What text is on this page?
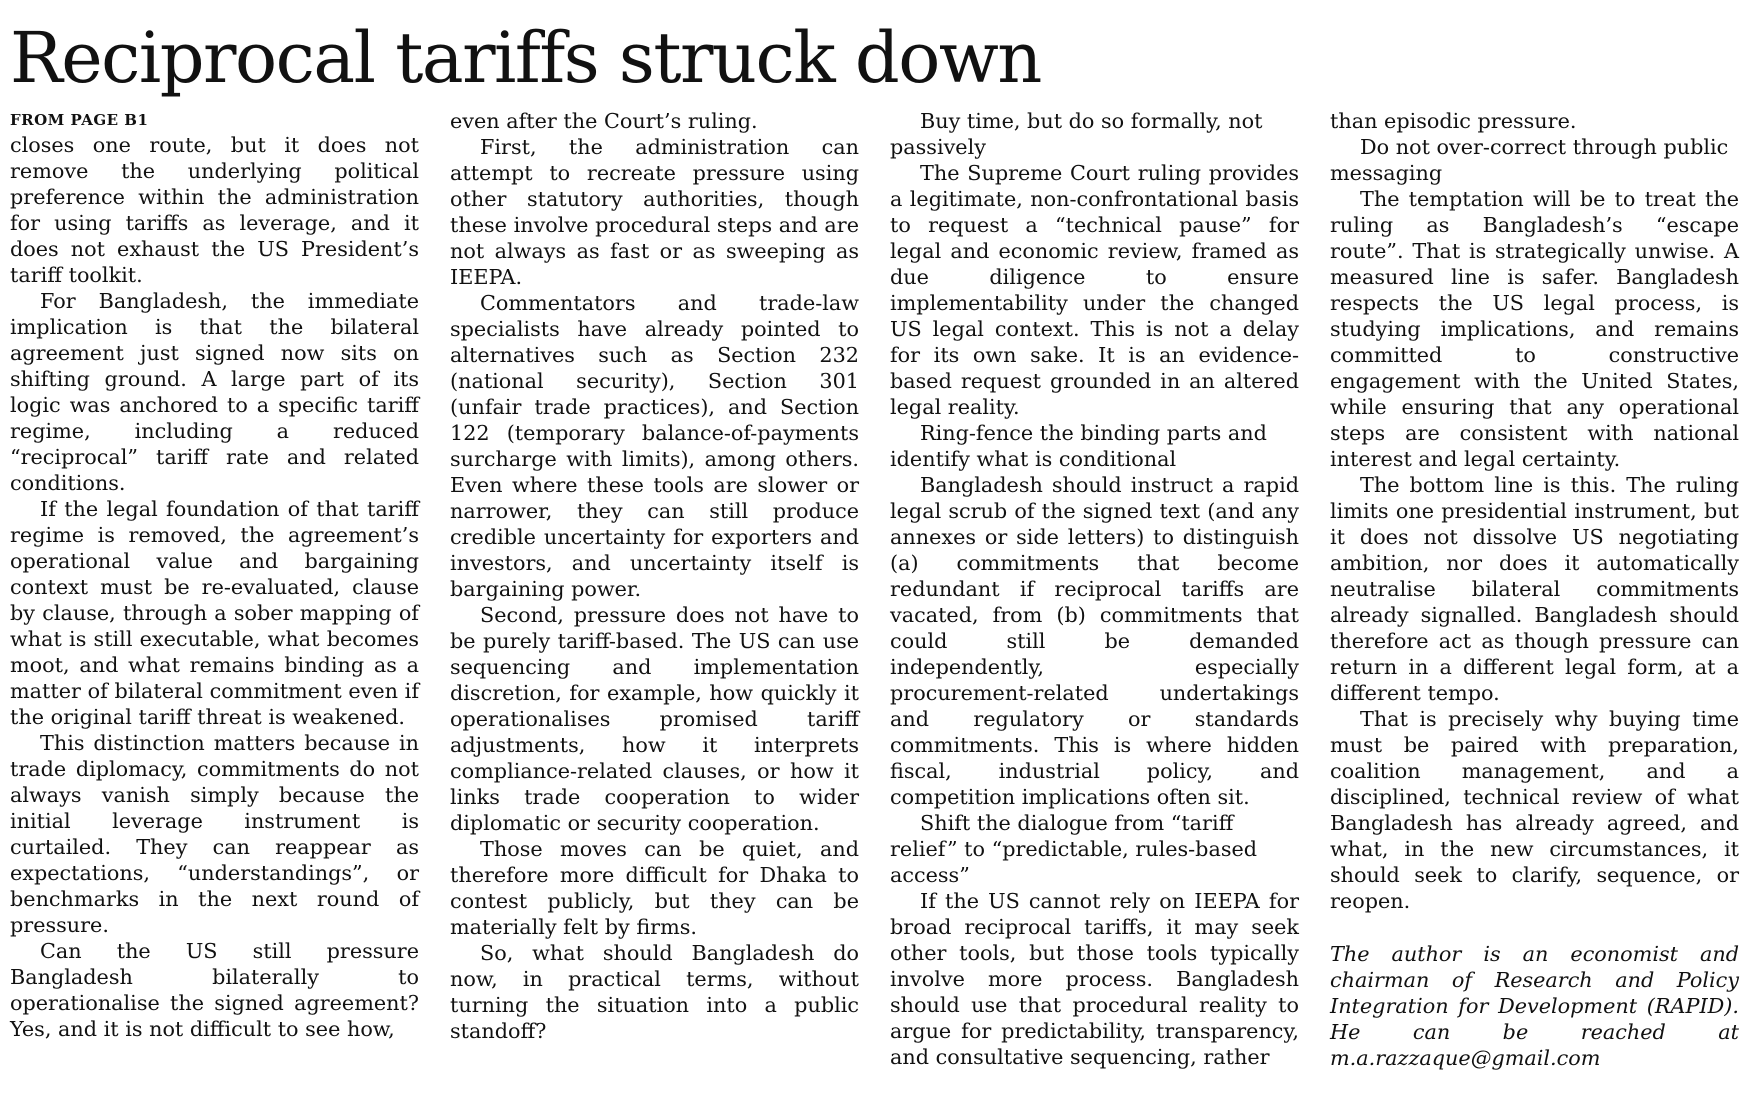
Reciprocal tariffs struck down
FROM PAGE B1

closes one route, but it does not remove the underlying political preference within the administration for using tariffs as leverage, and it does not exhaust the US President’s tariff toolkit.

For Bangladesh, the immediate implication is that the bilateral agreement just signed now sits on shifting ground. A large part of its logic was anchored to a specific tariff regime, including a reduced “reciprocal” tariff rate and related conditions.

If the legal foundation of that tariff regime is removed, the agreement’s operational value and bargaining context must be re-evaluated, clause by clause, through a sober mapping of what is still executable, what becomes moot, and what remains binding as a matter of bilateral commitment even if the original tariff threat is weakened.

This distinction matters because in trade diplomacy, commitments do not always vanish simply because the initial leverage instrument is curtailed. They can reappear as expectations, “understandings”, or benchmarks in the next round of pressure.

Can the US still pressure Bangladesh bilaterally to operationalise the signed agreement? Yes, and it is not difficult to see how,

even after the Court’s ruling.

First, the administration can attempt to recreate pressure using other statutory authorities, though these involve procedural steps and are not always as fast or as sweeping as IEEPA.

Commentators and trade-law specialists have already pointed to alternatives such as Section 232 (national security), Section 301 (unfair trade practices), and Section 122 (temporary balance-of-payments surcharge with limits), among others. Even where these tools are slower or narrower, they can still produce credible uncertainty for exporters and investors, and uncertainty itself is bargaining power.

Second, pressure does not have to be purely tariff-based. The US can use sequencing and implementation discretion, for example, how quickly it operationalises promised tariff adjustments, how it interprets compliance-related clauses, or how it links trade cooperation to wider diplomatic or security cooperation.

Those moves can be quiet, and therefore more difficult for Dhaka to contest publicly, but they can be materially felt by firms.

So, what should Bangladesh do now, in practical terms, without turning the situation into a public standoff?

Buy time, but do so formally, not passively

The Supreme Court ruling provides a legitimate, non-confrontational basis to request a “technical pause” for legal and economic review, framed as due diligence to ensure implementability under the changed US legal context. This is not a delay for its own sake. It is an evidence-based request grounded in an altered legal reality.

Ring-fence the binding parts and identify what is conditional

Bangladesh should instruct a rapid legal scrub of the signed text (and any annexes or side letters) to distinguish (a) commitments that become redundant if reciprocal tariffs are vacated, from (b) commitments that could still be demanded independently, especially procurement-related undertakings and regulatory or standards commitments. This is where hidden fiscal, industrial policy, and competition implications often sit.

Shift the dialogue from “tariff relief” to “predictable, rules-based access”

If the US cannot rely on IEEPA for broad reciprocal tariffs, it may seek other tools, but those tools typically involve more process. Bangladesh should use that procedural reality to argue for predictability, transparency, and consultative sequencing, rather

than episodic pressure.

Do not over-correct through public messaging

The temptation will be to treat the ruling as Bangladesh’s “escape route”. That is strategically unwise. A measured line is safer. Bangladesh respects the US legal process, is studying implications, and remains committed to constructive engagement with the United States, while ensuring that any operational steps are consistent with national interest and legal certainty.

The bottom line is this. The ruling limits one presidential instrument, but it does not dissolve US negotiating ambition, nor does it automatically neutralise bilateral commitments already signalled. Bangladesh should therefore act as though pressure can return in a different legal form, at a different tempo.

That is precisely why buying time must be paired with preparation, coalition management, and a disciplined, technical review of what Bangladesh has already agreed, and what, in the new circumstances, it should seek to clarify, sequence, or reopen.

The author is an economist and chairman of Research and Policy Integration for Development (RAPID). He can be reached at m.a.razzaque@gmail.com
